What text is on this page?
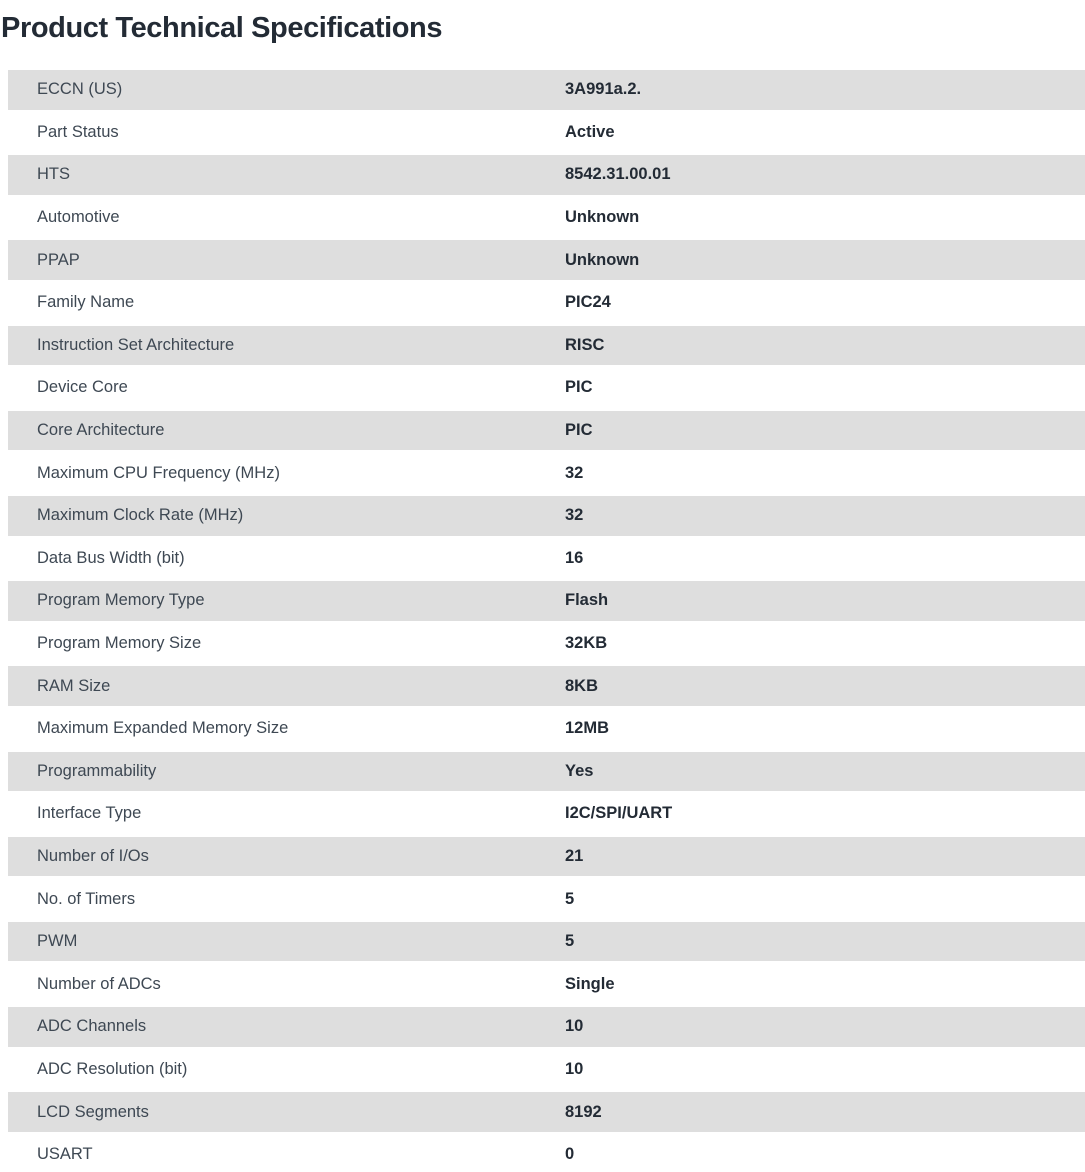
Product Technical Specifications
ECCN (US)	3A991a.2.
Part Status	Active
HTS	8542.31.00.01
Automotive	Unknown
PPAP	Unknown
Family Name	PIC24
Instruction Set Architecture	RISC
Device Core	PIC
Core Architecture	PIC
Maximum CPU Frequency (MHz)	32
Maximum Clock Rate (MHz)	32
Data Bus Width (bit)	16
Program Memory Type	Flash
Program Memory Size	32KB
RAM Size	8KB
Maximum Expanded Memory Size	12MB
Programmability	Yes
Interface Type	I2C/SPI/UART
Number of I/Os	21
No. of Timers	5
PWM	5
Number of ADCs	Single
ADC Channels	10
ADC Resolution (bit)	10
LCD Segments	8192
USART	0
